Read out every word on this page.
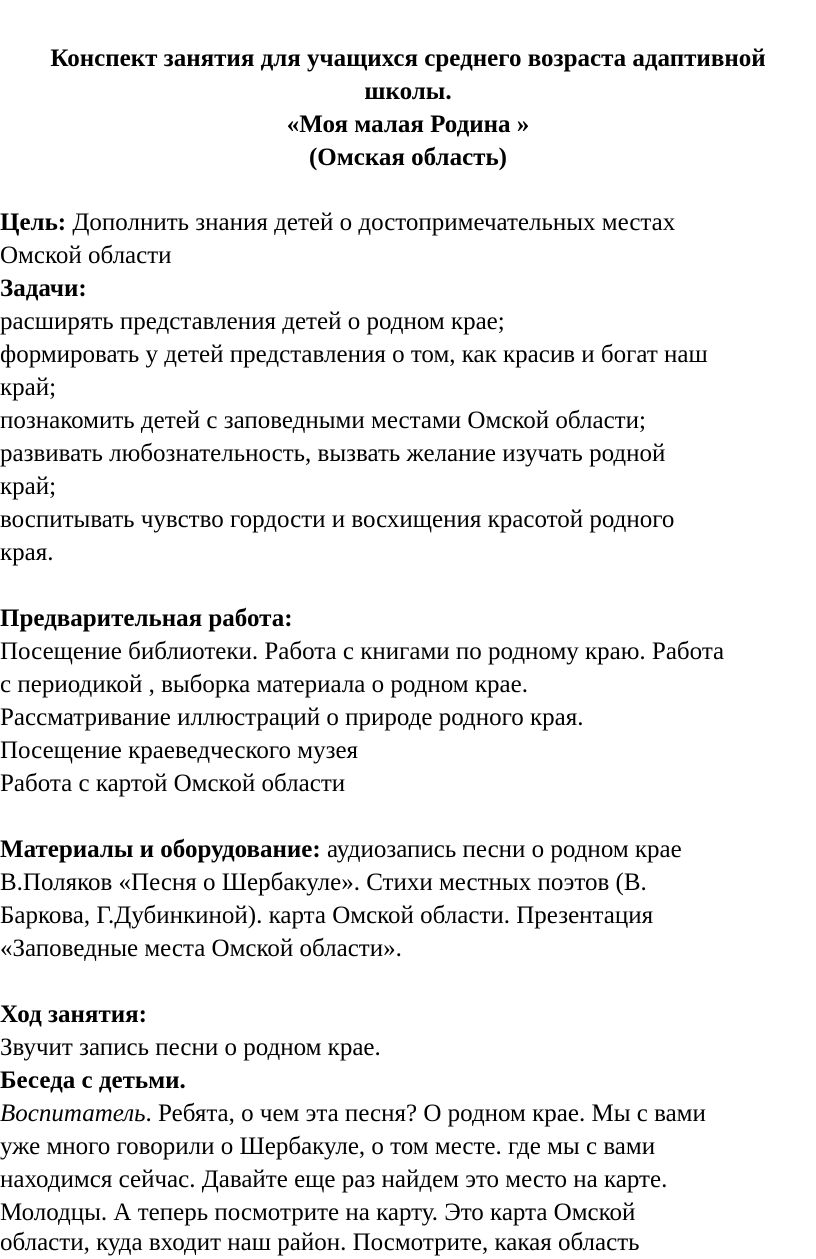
Конспект занятия для учащихся среднего возраста адаптивной
школы.
«Моя малая Родина »
(Омская область)
Цель: Дополнить знания детей о достопримечательных местах
Омской области
Задачи:
расширять представления детей о родном крае;
формировать у детей представления о том, как красив и богат наш
край;
познакомить детей с заповедными местами Омской области;
развивать любознательность, вызвать желание изучать родной
край;
воспитывать чувство гордости и восхищения красотой родного
края.
Предварительная работа:
Посещение библиотеки. Работа с книгами по родному краю. Работа
с периодикой , выборка материала о родном крае.
Рассматривание иллюстраций о природе родного края.
Посещение краеведческого музея
Работа с картой Омской области
Материалы и оборудование: аудиозапись песни о родном крае
В.Поляков «Песня о Шербакуле». Стихи местных поэтов (В.
Баркова, Г.Дубинкиной). карта Омской области. Презентация
«Заповедные места Омской области».
Ход занятия:
Звучит запись песни о родном крае.
Беседа с детьми.
Воспитатель. Ребята, о чем эта песня? О родном крае. Мы с вами
уже много говорили о Шербакуле, о том месте. где мы с вами
находимся сейчас. Давайте еще раз найдем это место на карте.
Молодцы. А теперь посмотрите на карту. Это карта Омской
области, куда входит наш район. Посмотрите, какая область
